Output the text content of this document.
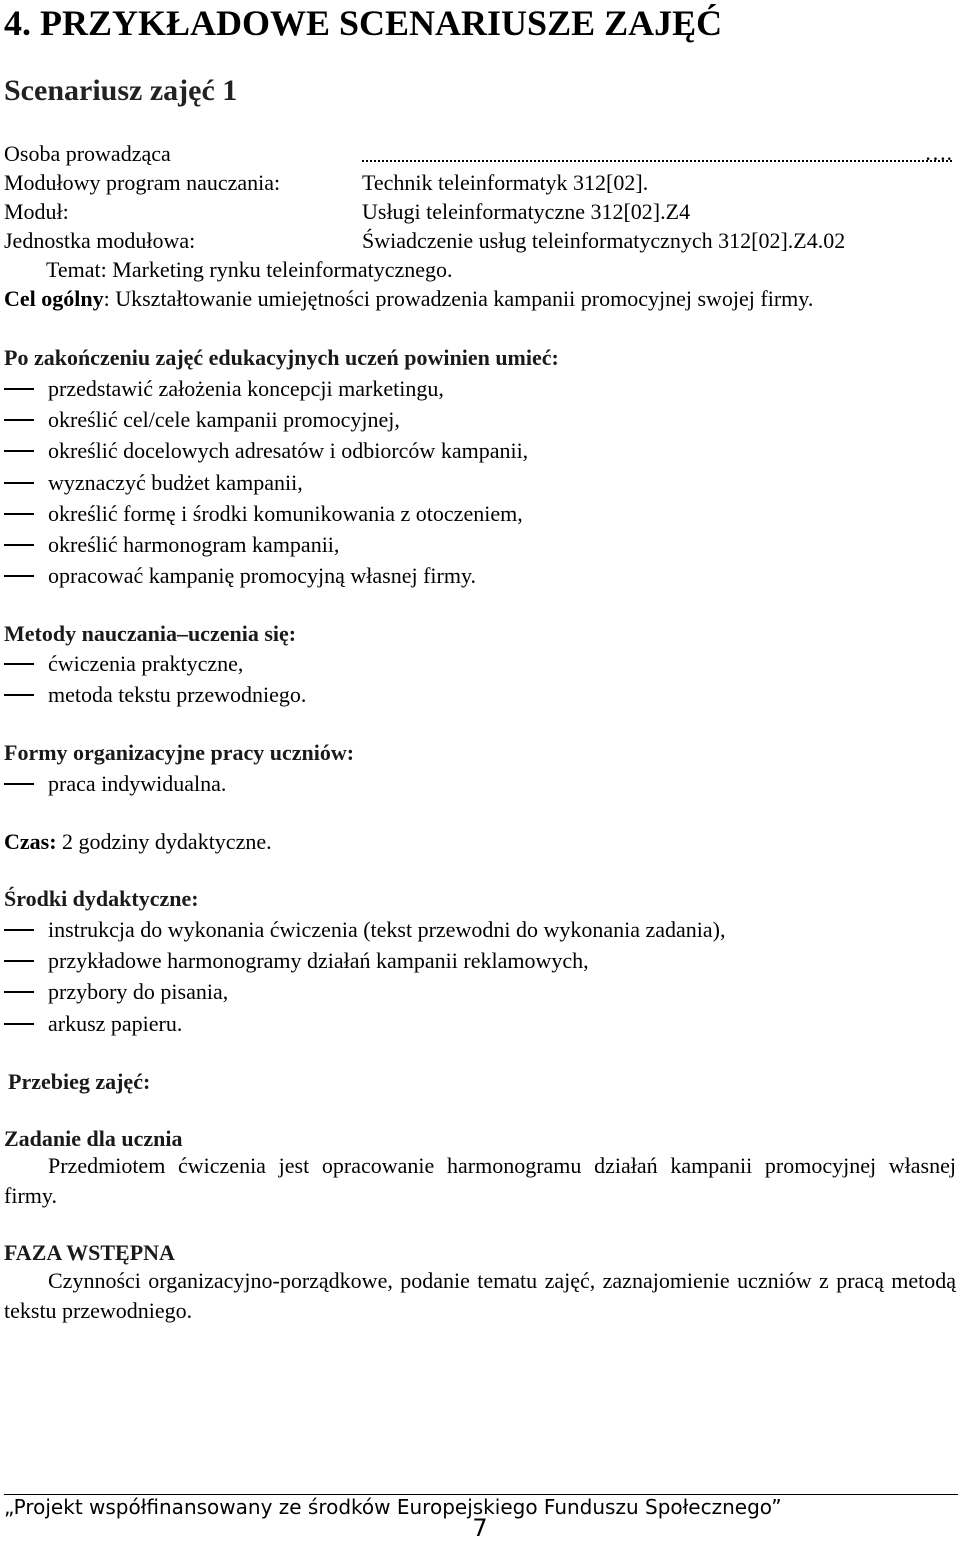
4. PRZYKŁADOWE SCENARIUSZE ZAJĘĆ
Scenariusz zajęć 1
Osoba prowadząca	….
Modułowy program nauczania:	Technik teleinformatyk 312[02].
Moduł:	Usługi teleinformatyczne 312[02].Z4
Jednostka modułowa:	Świadczenie usług teleinformatycznych 312[02].Z4.02
Temat: Marketing rynku teleinformatycznego.
Cel ogólny: Ukształtowanie umiejętności prowadzenia kampanii promocyjnej swojej firmy.
Po zakończeniu zajęć edukacyjnych uczeń powinien umieć:
przedstawić założenia koncepcji marketingu,
określić cel/cele kampanii promocyjnej,
określić docelowych adresatów i odbiorców kampanii,
wyznaczyć budżet kampanii,
określić formę i środki komunikowania z otoczeniem,
określić harmonogram kampanii,
opracować kampanię promocyjną własnej firmy.
Metody nauczania–uczenia się:
ćwiczenia praktyczne,
metoda tekstu przewodniego.
Formy organizacyjne pracy uczniów:
praca indywidualna.
Czas: 2 godziny dydaktyczne.
Środki dydaktyczne:
instrukcja do wykonania ćwiczenia (tekst przewodni do wykonania zadania),
przykładowe harmonogramy działań kampanii reklamowych,
przybory do pisania,
arkusz papieru.
Przebieg zajęć:
Zadanie dla ucznia
Przedmiotem ćwiczenia jest opracowanie harmonogramu działań kampanii promocyjnej własnej firmy.
FAZA WSTĘPNA
Czynności organizacyjno-porządkowe, podanie tematu zajęć, zaznajomienie uczniów z pracą metodą tekstu przewodniego.
„Projekt współfinansowany ze środków Europejskiego Funduszu Społecznego”
7
